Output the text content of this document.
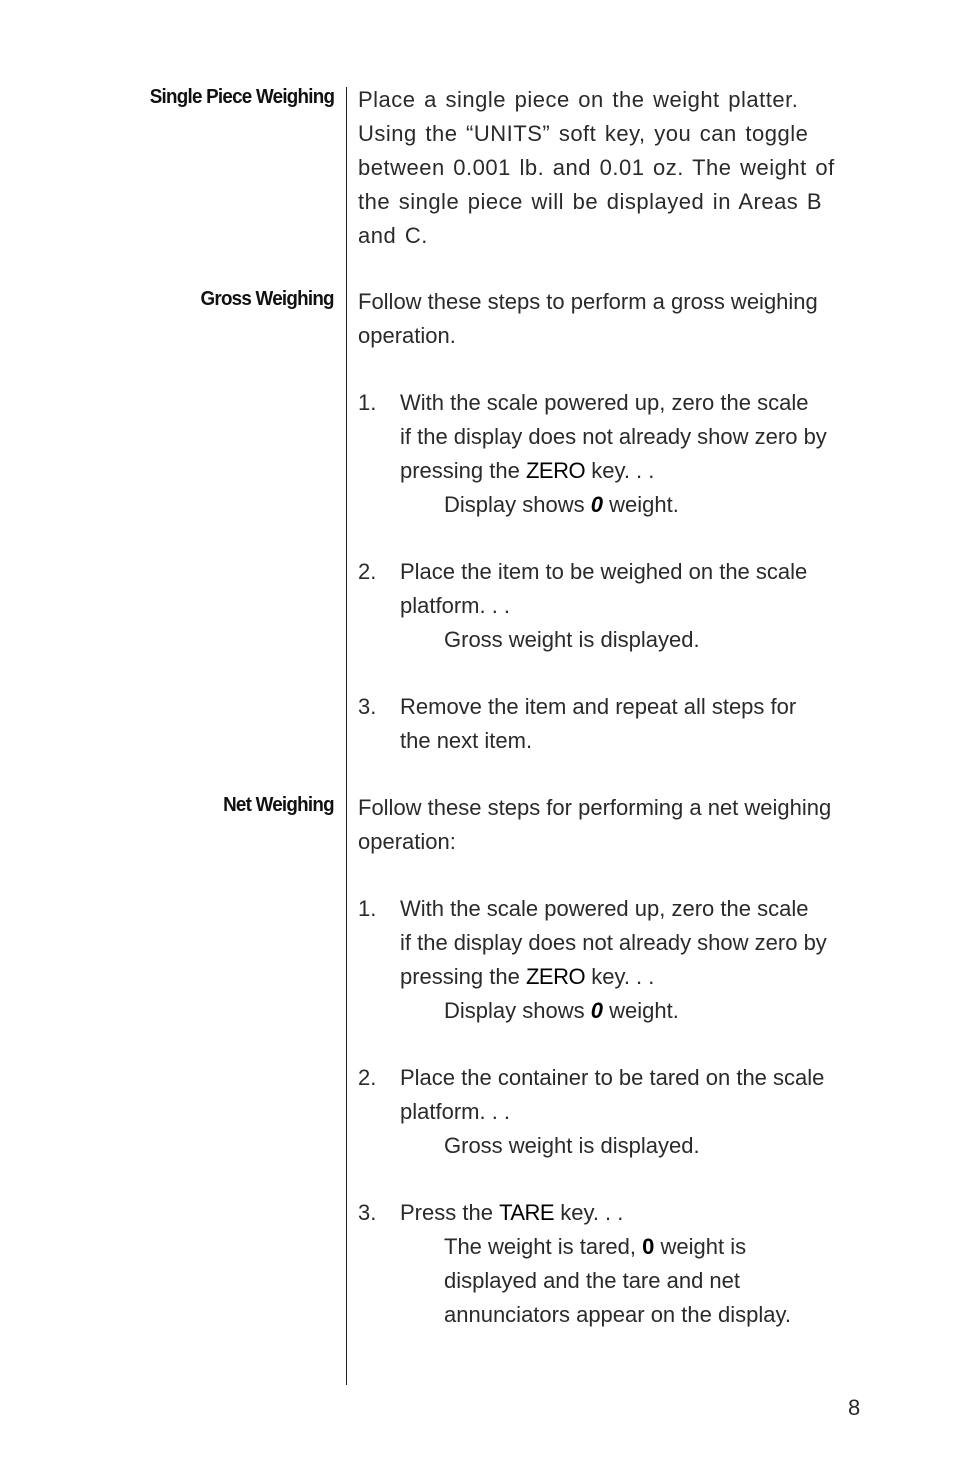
Single Piece Weighing Place a single piece on the weight platter.
Using the “UNITS” soft key, you can toggle
between 0.001 lb. and 0.01 oz. The weight of
the single piece will be displayed in Areas B
and C.
Gross Weighing Follow these steps to perform a gross weighing
operation.
1.	With the scale powered up, zero the scale
if the display does not already show zero by
pressing the ZERO key. . .
Display shows 0 weight.
2.	Place the item to be weighed on the scale
platform. . .
Gross weight is displayed.
3.	Remove the item and repeat all steps for
the next item.
Net Weighing Follow these steps for performing a net weighing
operation:
1.	With the scale powered up, zero the scale
if the display does not already show zero by
pressing the ZERO key. . .
Display shows 0 weight.
2.	Place the container to be tared on the scale
platform. . .
Gross weight is displayed.
3.	Press the TARE key. . .
The weight is tared, 0 weight is
displayed and the tare and net
annunciators appear on the display.
8
